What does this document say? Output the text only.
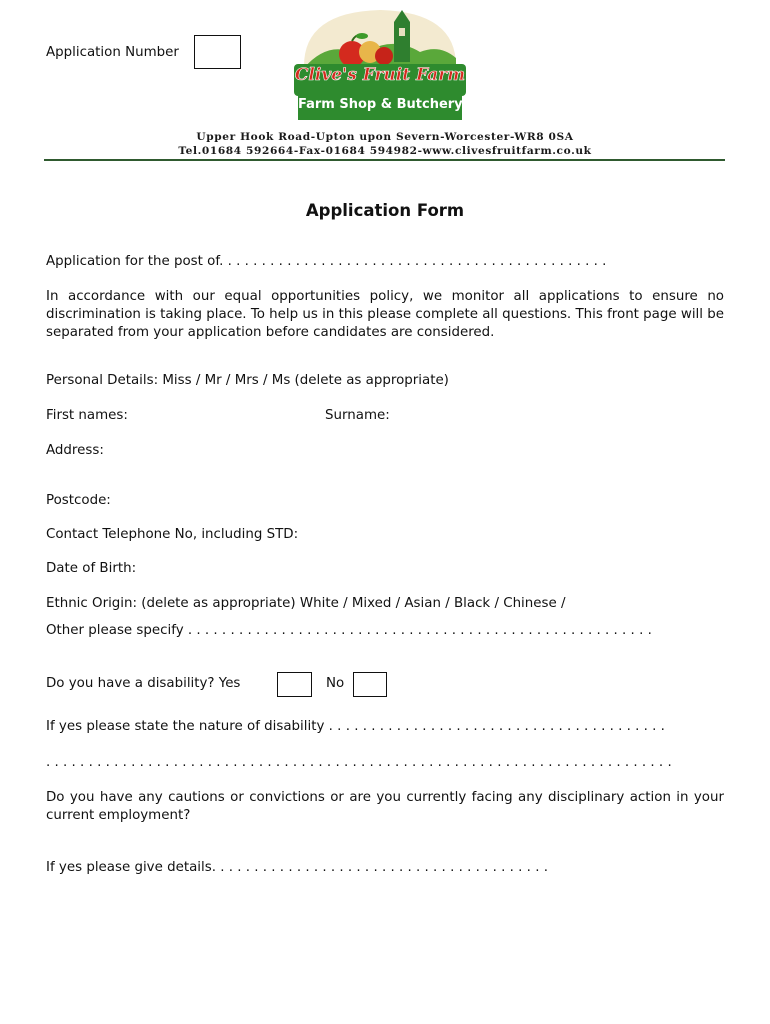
Application Number
Clive's Fruit Farm
Farm Shop & Butchery
Upper Hook Road-Upton upon Severn-Worcester-WR8 0SA
Tel.01684 592664-Fax-01684 594982-www.clivesfruitfarm.co.uk
Application Form
Application for the post of. . . . . . . . . . . . . . . . . . . . . . . . . . . . . . . . . . . . . . . . . . . . . .
In accordance with our equal opportunities policy, we monitor all applications to ensure no discrimination is taking place. To help us in this please complete all questions. This front page will be separated from your application before candidates are considered.
Personal Details: Miss / Mr / Mrs / Ms (delete as appropriate)
First names:	Surname:
Address:
Postcode:
Contact Telephone No, including STD:
Date of Birth:
Ethnic Origin: (delete as appropriate) White / Mixed / Asian / Black / Chinese /
Other please specify . . . . . . . . . . . . . . . . . . . . . . . . . . . . . . . . . . . . . . . . . . . . . . . . . . . . . . .
Do you have a disability? Yes	No
If yes please state the nature of disability . . . . . . . . . . . . . . . . . . . . . . . . . . . . . . . . . . . . . . . .
. . . . . . . . . . . . . . . . . . . . . . . . . . . . . . . . . . . . . . . . . . . . . . . . . . . . . . . . . . . . . . . . . . . . . . . . . .
Do you have any cautions or convictions or are you currently facing any disciplinary action in your current employment?
If yes please give details. . . . . . . . . . . . . . . . . . . . . . . . . . . . . . . . . . . . . . . .
